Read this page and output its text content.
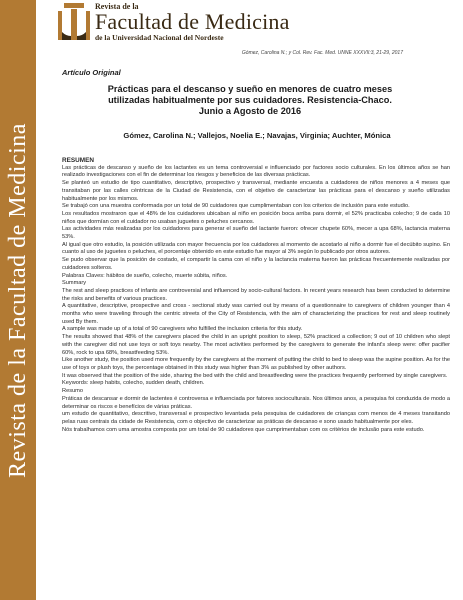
Revista de la Facultad de Medicina
Revista de la
Facultad de Medicina
de la Universidad Nacional del Nordeste
Gómez, Carolina N.; y Col. Rev. Fac. Med. UNNE XXXVII:3, 21-29, 2017
Artículo Original
Prácticas para el descanso y sueño en menores de cuatro meses utilizadas habitualmente por sus cuidadores. Resistencia-Chaco. Junio a Agosto de 2016
Gómez, Carolina N.; Vallejos, Noelia E.; Navajas, Virginia; Auchter, Mónica

RESUMEN

Las prácticas de descanso y sueño de los lactantes es un tema controversial e influenciado por factores socio culturales. En los últimos años se han realizado investigaciones con el fin de determinar los riesgos y beneficios de las diversas prácticas.

Se planteó un estudio de tipo cuantitativo, descriptivo, prospectivo y transversal, mediante encuesta a cuidadores de niños menores a 4 meses que transitaban por las calles céntricas de la Ciudad de Resistencia, con el objetivo de caracterizar las prácticas para el descanso y sueño utilizadas habitualmente por los mismos.

Se trabajó con una muestra conformada por un total de 90 cuidadores que cumplimentaban con los criterios de inclusión para este estudio.

Los resultados mostraron que el 48% de los cuidadores ubicaban al niño en posición boca arriba para dormir, el 52% practicaba colecho; 9 de cada 10 niños que dormían con el cuidador no usaban juguetes o peluches cercanos.

Las actividades más realizadas por los cuidadores para generar el sueño del lactante fueron: ofrecer chupete 60%, mecer a upa 68%, lactancia materna 53%.

Al igual que otro estudio, la posición utilizada con mayor frecuencia por los cuidadores al momento de acostarlo al niño a dormir fue el decúbito supino. En cuanto al uso de juguetes o peluches, el porcentaje obtenido en este estudio fue mayor al 3% según lo publicado por otros autores.

Se pudo observar que la posición de costado, el compartir la cama con el niño y la lactancia materna fueron las prácticas frecuentemente realizadas por cuidadores solteros.

Palabras Claves: hábitos de sueño, colecho, muerte súbita, niños.

Summary

The rest and sleep practices of infants are controversial and influenced by socio-cultural factors. In recent years research has been conducted to determine the risks and benefits of various practices.

A quantitative, descriptive, prospective and cross - sectional study was carried out by means of a questionnaire to caregivers of children younger than 4 months who were traveling through the centric streets of the City of Resistencia, with the aim of characterizing the practices for rest and sleep routinely used By them.

A sample was made up of a total of 90 caregivers who fulfilled the inclusion criteria for this study.

The results showed that 48% of the caregivers placed the child in an upright position to sleep, 52% practiced a collection; 9 out of 10 children who slept with the caregiver did not use toys or soft toys nearby. The most activities performed by the caregivers to generate the infant's sleep were: offer pacifier 60%, rock to upa 68%, breastfeeding 53%.

Like another study, the position used more frequently by the caregivers at the moment of putting the child to bed to sleep was the supine position. As for the use of toys or plush toys, the percentage obtained in this study was higher than 3% as published by other authors.

It was observed that the position of the side, sharing the bed with the child and breastfeeding were the practices frequently performed by single caregivers.

Keywords: sleep habits, colecho, sudden death, children.

Resumo

Práticas de descansar e dormir de lactentes é controversa e influenciada por fatores socioculturais. Nos últimos anos, a pesquisa foi conduzida de modo a determinar os riscos e benefícios de várias práticas.

um estudo de quantitativo, descritivo, transversal e prospectivo levantada pela pesquisa de cuidadores de crianças com menos de 4 meses transitando pelas ruas centrais da cidade de Resistencia, com o objectivo de caracterizar as práticas de descanso e sono usado habitualmente por eles.

Nós trabalhamos com uma amostra composta por um total de 90 cuidadores que cumprimentaban com os critérios de inclusão para este estudo.
